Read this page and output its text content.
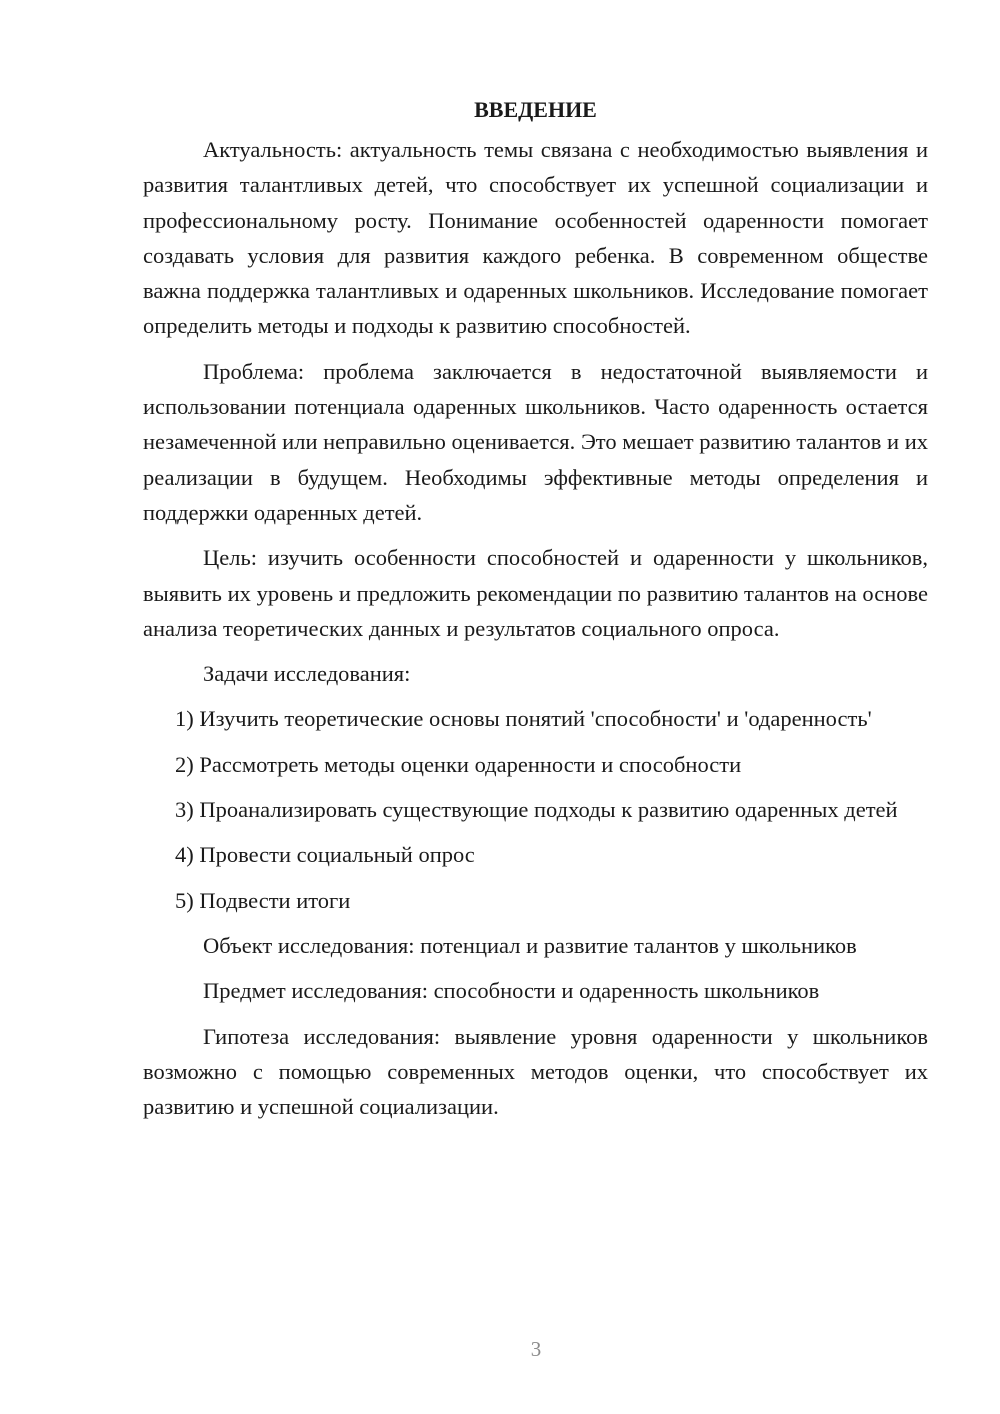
ВВЕДЕНИЕ

Актуальность: актуальность темы связана с необходимостью выявления и развития талантливых детей, что способствует их успешной социализации и профессиональному росту. Понимание особенностей одаренности помогает создавать условия для развития каждого ребенка. В современном обществе важна поддержка талантливых и одаренных школьников. Исследование помогает определить методы и подходы к развитию способностей.

Проблема: проблема заключается в недостаточной выявляемости и использовании потенциала одаренных школьников. Часто одаренность остается незамеченной или неправильно оценивается. Это мешает развитию талантов и их реализации в будущем. Необходимы эффективные методы определения и поддержки одаренных детей.

Цель: изучить особенности способностей и одаренности у школьников, выявить их уровень и предложить рекомендации по развитию талантов на основе анализа теоретических данных и результатов социального опроса.

Задачи исследования:

1) Изучить теоретические основы понятий 'способности' и 'одаренность'

2) Рассмотреть методы оценки одаренности и способности

3) Проанализировать существующие подходы к развитию одаренных детей

4) Провести социальный опрос

5) Подвести итоги

Объект исследования: потенциал и развитие талантов у школьников

Предмет исследования: способности и одаренность школьников

Гипотеза исследования: выявление уровня одаренности у школьников возможно с помощью современных методов оценки, что способствует их развитию и успешной социализации.

3
